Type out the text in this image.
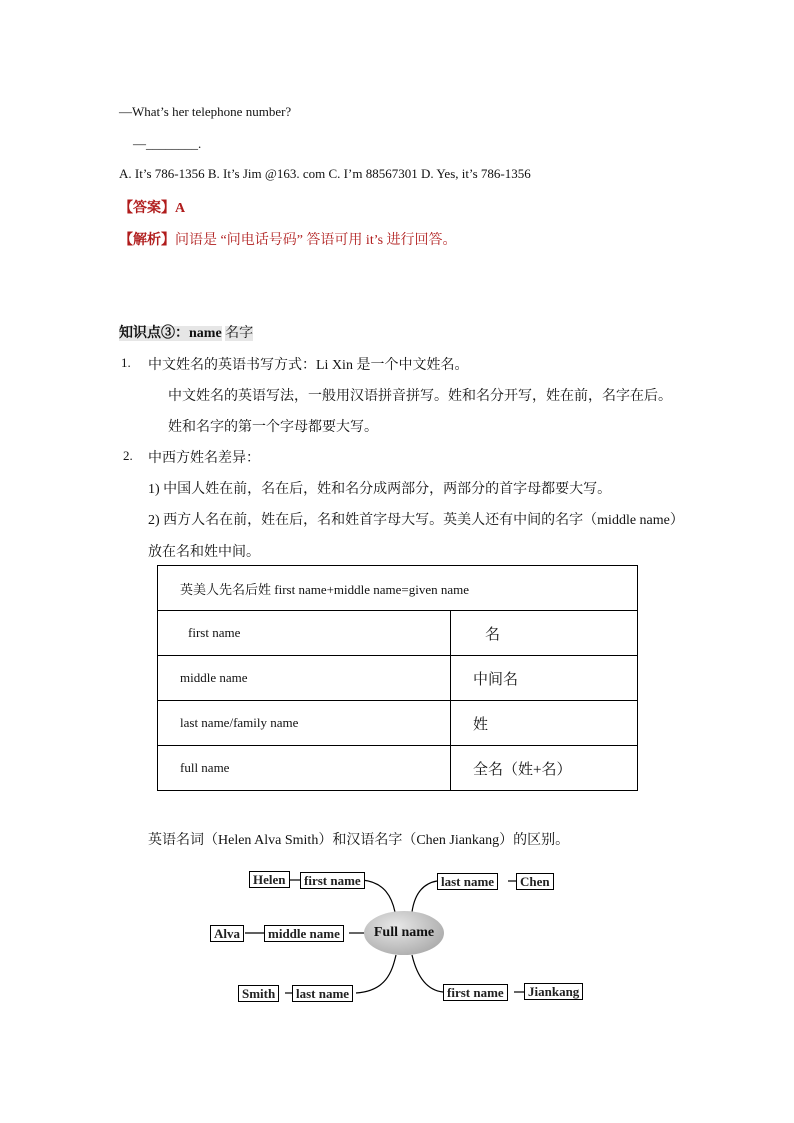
—What’s her telephone number?
—________.
A. It’s 786-1356 B. It’s Jim @163. com C. I’m 88567301 D. Yes, it’s 786-1356
【答案】A
【解析】问语是 “问电话号码” 答语可用 it’s 进行回答。
知识点③：name 名字
1. 中文姓名的英语书写方式：Li Xin 是一个中文姓名。
中文姓名的英语写法，一般用汉语拼音拼写。姓和名分开写，姓在前，名字在后。
姓和名字的第一个字母都要大写。
2. 中西方姓名差异：
1) 中国人姓在前，名在后，姓和名分成两部分，两部分的首字母都要大写。
2) 西方人名在前，姓在后，名和姓首字母大写。英美人还有中间的名字（middle name）
放在名和姓中间。
英美人先名后姓 first name+middle name=given name	
first name	名
middle name	中间名
last name/family name	姓
full name	全名（姓+名）
英语名词（Helen Alva Smith）和汉语名字（Chen Jiankang）的区别。
Helen	first name
Alva	middle name
Smith	last name
Full name
last name	Chen
first name	Jiankang
